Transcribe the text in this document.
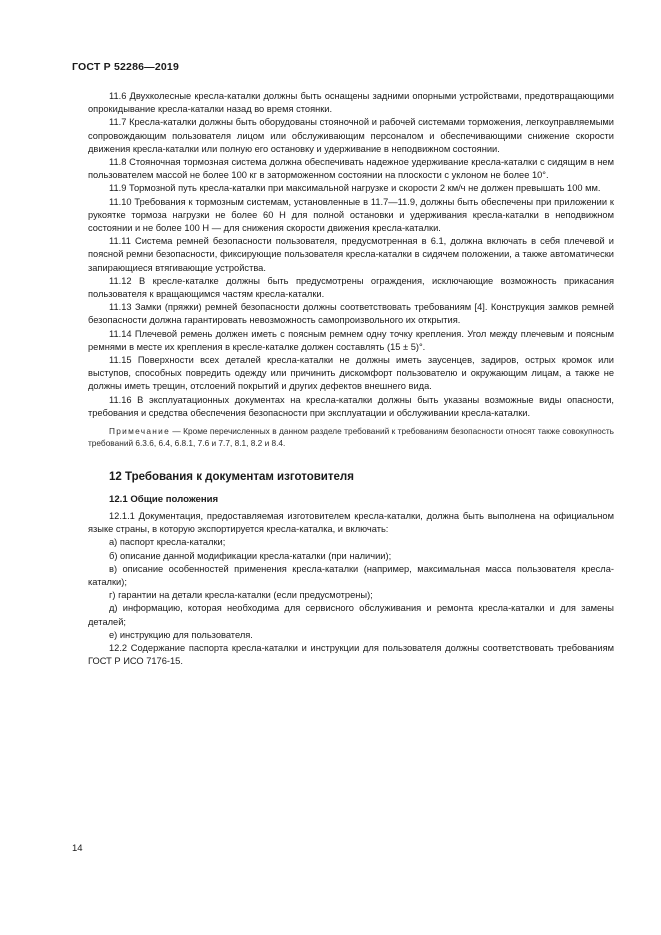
ГОСТ Р 52286—2019

11.6 Двухколесные кресла-каталки должны быть оснащены задними опорными устройствами, предотвращающими опрокидывание кресла-каталки назад во время стоянки.

11.7 Кресла-каталки должны быть оборудованы стояночной и рабочей системами торможения, легкоуправляемыми сопровождающим пользователя лицом или обслуживающим персоналом и обеспечивающими снижение скорости движения кресла-каталки или полную его остановку и удерживание в неподвижном состоянии.

11.8 Стояночная тормозная система должна обеспечивать надежное удерживание кресла-каталки с сидящим в нем пользователем массой не более 100 кг в заторможенном состоянии на плоскости с уклоном не более 10°.

11.9 Тормозной путь кресла-каталки при максимальной нагрузке и скорости 2 км/ч не должен превышать 100 мм.

11.10 Требования к тормозным системам, установленные в 11.7—11.9, должны быть обеспечены при приложении к рукоятке тормоза нагрузки не более 60 Н для полной остановки и удерживания кресла-каталки в неподвижном состоянии и не более 100 Н — для снижения скорости движения кресла-каталки.

11.11 Система ремней безопасности пользователя, предусмотренная в 6.1, должна включать в себя плечевой и поясной ремни безопасности, фиксирующие пользователя кресла-каталки в сидячем положении, а также автоматически запирающиеся втягивающие устройства.

11.12 В кресле-каталке должны быть предусмотрены ограждения, исключающие возможность прикасания пользователя к вращающимся частям кресла-каталки.

11.13 Замки (пряжки) ремней безопасности должны соответствовать требованиям [4]. Конструкция замков ремней безопасности должна гарантировать невозможность самопроизвольного их открытия.

11.14 Плечевой ремень должен иметь с поясным ремнем одну точку крепления. Угол между плечевым и поясным ремнями в месте их крепления в кресле-каталке должен составлять (15 ± 5)°.

11.15 Поверхности всех деталей кресла-каталки не должны иметь заусенцев, задиров, острых кромок или выступов, способных повредить одежду или причинить дискомфорт пользователю и окружающим лицам, а также не должны иметь трещин, отслоений покрытий и других дефектов внешнего вида.

11.16 В эксплуатационных документах на кресла-каталки должны быть указаны возможные виды опасности, требования и средства обеспечения безопасности при эксплуатации и обслуживании кресла-каталки.

Примечание — Кроме перечисленных в данном разделе требований к требованиям безопасности относят также совокупность требований 6.3.6, 6.4, 6.8.1, 7.6 и 7.7, 8.1, 8.2 и 8.4.

12 Требования к документам изготовителя
12.1 Общие положения

12.1.1 Документация, предоставляемая изготовителем кресла-каталки, должна быть выполнена на официальном языке страны, в которую экспортируется кресла-каталка, и включать:

а) паспорт кресла-каталки;

б) описание данной модификации кресла-каталки (при наличии);

в) описание особенностей применения кресла-каталки (например, максимальная масса пользователя кресла-каталки);

г) гарантии на детали кресла-каталки (если предусмотрены);

д) информацию, которая необходима для сервисного обслуживания и ремонта кресла-каталки и для замены деталей;

е) инструкцию для пользователя.

12.2 Содержание паспорта кресла-каталки и инструкции для пользователя должны соответствовать требованиям ГОСТ Р ИСО 7176-15.

14
